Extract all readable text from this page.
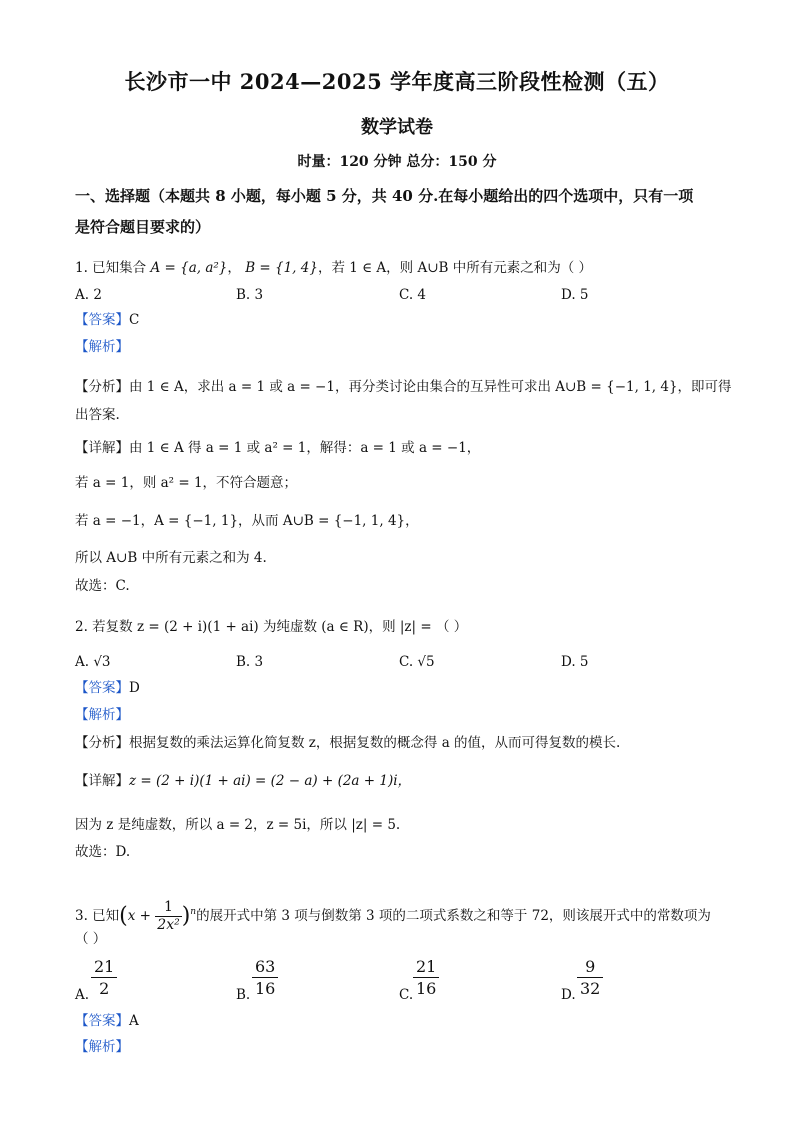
长沙市一中 2024—2025 学年度高三阶段性检测（五）
数学试卷
时量：120 分钟 总分：150 分
一、选择题（本题共 8 小题，每小题 5 分，共 40 分.在每小题给出的四个选项中，只有一项
是符合题目要求的）
1. 已知集合 A = {a, a²}， B = {1, 4}，若 1 ∈ A，则 A∪B 中所有元素之和为（ ）
A. 2	B. 3	C. 4	D. 5
【答案】C
【解析】
【分析】由 1 ∈ A，求出 a = 1 或 a = −1，再分类讨论由集合的互异性可求出 A∪B = {−1, 1, 4}，即可得
出答案.
【详解】由 1 ∈ A 得 a = 1 或 a² = 1，解得：a = 1 或 a = −1，
若 a = 1，则 a² = 1，不符合题意；
若 a = −1，A = {−1, 1}，从而 A∪B = {−1, 1, 4}，
所以 A∪B 中所有元素之和为 4.
故选：C.
2. 若复数 z = (2 + i)(1 + ai) 为纯虚数 (a ∈ R)，则 |z| = （ ）
A. √3	B. 3	C. √5	D. 5
【答案】D
【解析】
【分析】根据复数的乘法运算化简复数 z，根据复数的概念得 a 的值，从而可得复数的模长.
【详解】z = (2 + i)(1 + ai) = (2 − a) + (2a + 1)i，
因为 z 是纯虚数，所以 a = 2，z = 5i，所以 |z| = 5.
故选：D.
3. 已知$(x + \frac{1}{\text{2x²}} )^n$的展开式中第 3 项与倒数第 3 项的二项式系数之和等于 72，则该展开式中的常数项为
（ ）
A. $\frac{21}{2}$	B. $\frac{63}{16}$	C. $\frac{21}{16}$	D. $\frac{9}{32}$
【答案】A
【解析】
